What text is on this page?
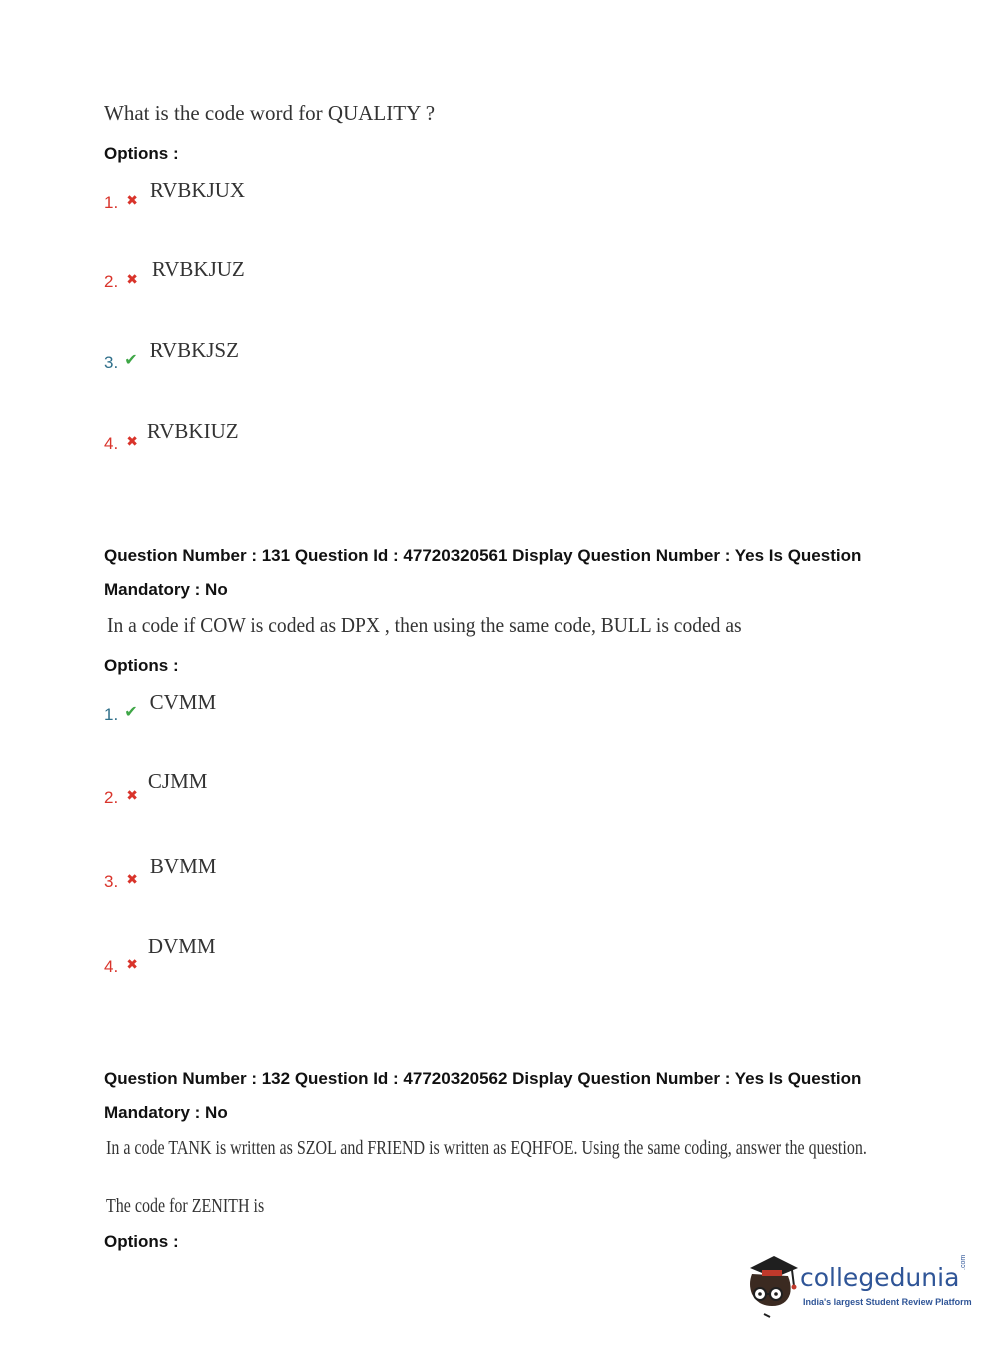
What is the code word for QUALITY ?
Options :
1. ✖ RVBKJUX
2. ✖ RVBKJUZ
3. ✔ RVBKJSZ
4. ✖ RVBKIUZ
Question Number : 131 Question Id : 47720320561 Display Question Number : Yes Is Question
Mandatory : No
In a code if COW is coded as DPX , then using the same code, BULL is coded as
Options :
1. ✔ CVMM
2. ✖ CJMM
3. ✖ BVMM
4. ✖ DVMM
Question Number : 132 Question Id : 47720320562 Display Question Number : Yes Is Question
Mandatory : No
In a code TANK is written as SZOL and FRIEND is written as EQHFOE. Using the same coding, answer the question.
The code for ZENITH is
Options :
collegedunia
India's largest Student Review Platform
.com
